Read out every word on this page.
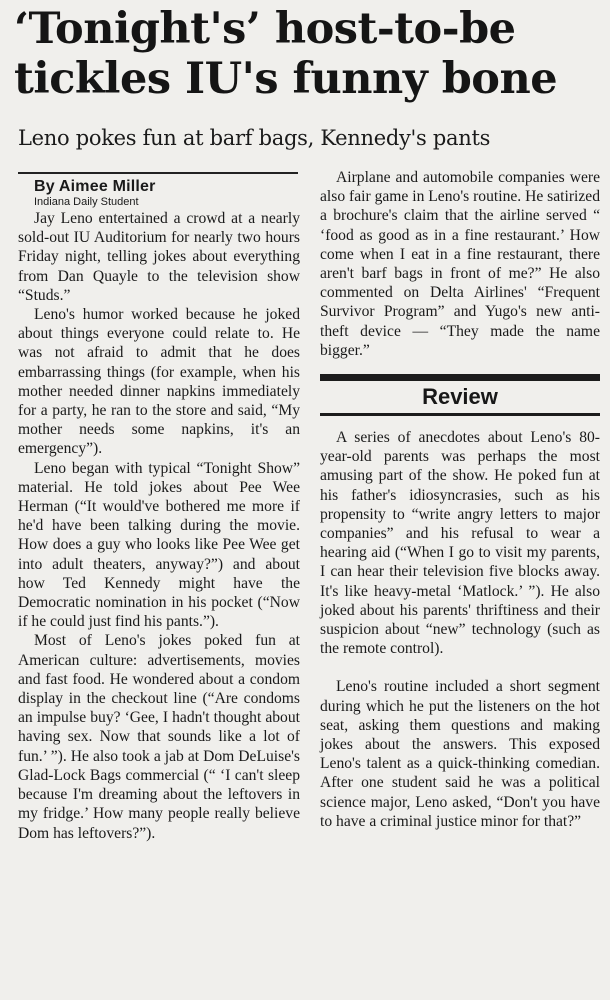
‘Tonight's’ host-to-be
tickles IU's funny bone
Leno pokes fun at barf bags, Kennedy's pants

By Aimee Miller

Indiana Daily Student

Jay Leno entertained a crowd at a nearly sold-out IU Auditorium for nearly two hours Friday night, telling jokes about everything from Dan Quayle to the television show “Studs.”

Leno's humor worked because he joked about things everyone could relate to. He was not afraid to admit that he does embarrassing things (for example, when his mother needed dinner napkins immediately for a party, he ran to the store and said, “My mother needs some napkins, it's an emergency”).

Leno began with typical “Tonight Show” material. He told jokes about Pee Wee Herman (“It would've bothered me more if he'd have been talking during the movie. How does a guy who looks like Pee Wee get into adult theaters, anyway?”) and about how Ted Kennedy might have the Democratic nomination in his pocket (“Now if he could just find his pants.”).

Most of Leno's jokes poked fun at American culture: advertisements, movies and fast food. He wondered about a condom display in the checkout line (“Are condoms an impulse buy? ‘Gee, I hadn't thought about having sex. Now that sounds like a lot of fun.’ ”). He also took a jab at Dom DeLuise's Glad-Lock Bags commercial (“ ‘I can't sleep because I'm dreaming about the leftovers in my fridge.’ How many people really believe Dom has leftovers?”).

Airplane and automobile companies were also fair game in Leno's routine. He satirized a brochure's claim that the airline served “ ‘food as good as in a fine restaurant.’ How come when I eat in a fine restaurant, there aren't barf bags in front of me?” He also commented on Delta Airlines' “Frequent Survivor Program” and Yugo's new anti-theft device — “They made the name bigger.”

Review

A series of anecdotes about Leno's 80-year-old parents was perhaps the most amusing part of the show. He poked fun at his father's idiosyncrasies, such as his propensity to “write angry letters to major companies” and his refusal to wear a hearing aid (“When I go to visit my parents, I can hear their television five blocks away. It's like heavy-metal ‘Matlock.’ ”). He also joked about his parents' thriftiness and their suspicion about “new” technology (such as the remote control).

Leno's routine included a short segment during which he put the listeners on the hot seat, asking them questions and making jokes about the answers. This exposed Leno's talent as a quick-thinking comedian. After one student said he was a political science major, Leno asked, “Don't you have to have a criminal justice minor for that?”
